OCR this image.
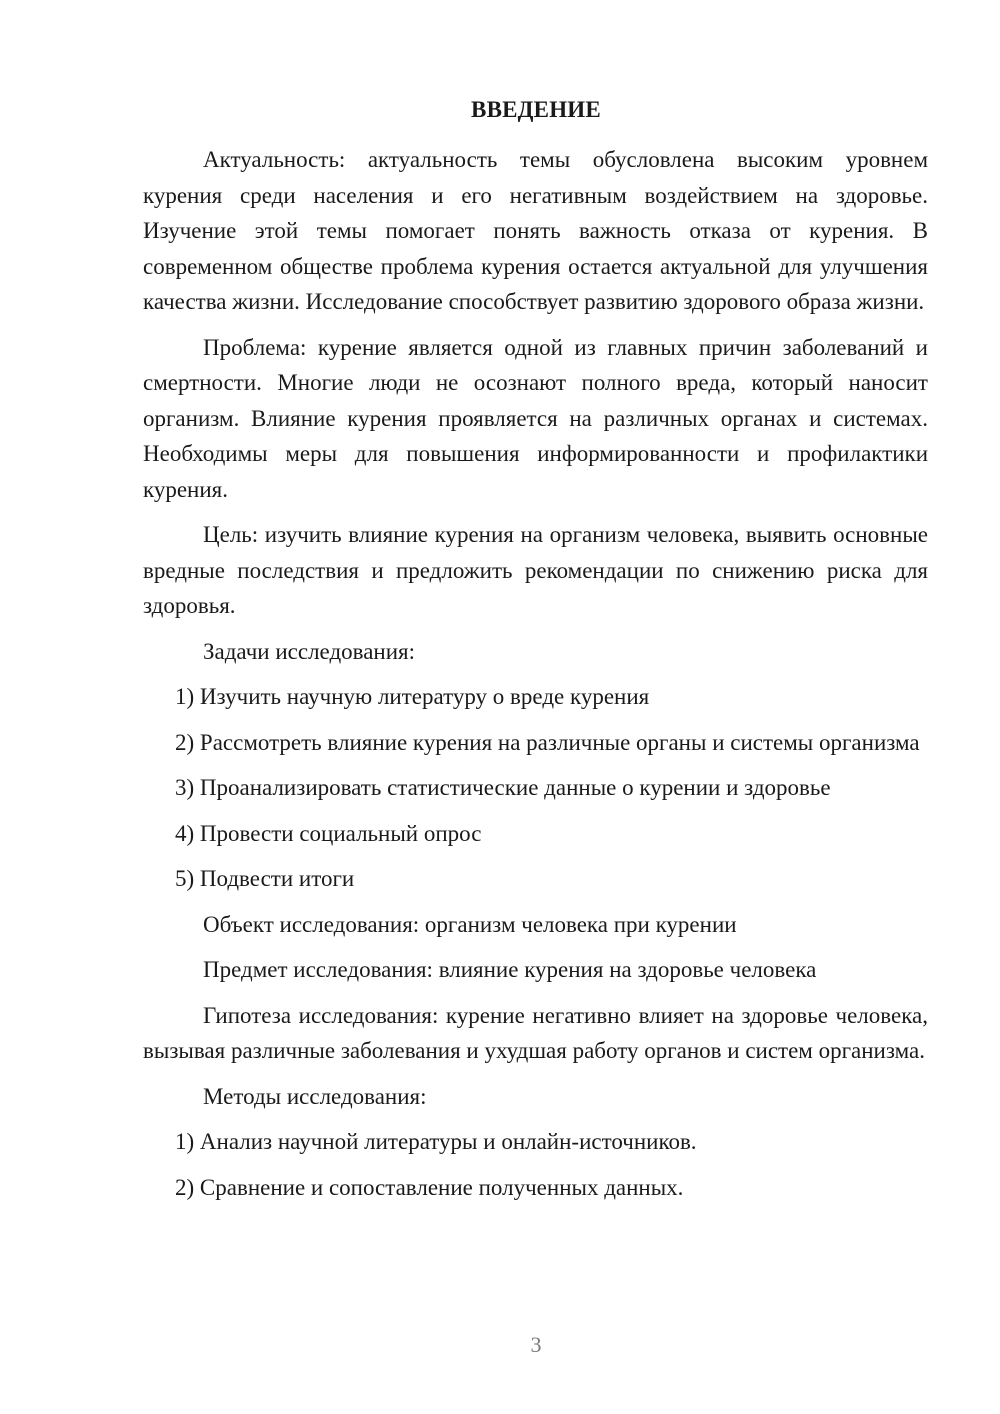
ВВЕДЕНИЕ

Актуальность: актуальность темы обусловлена высоким уровнем курения среди населения и его негативным воздействием на здоровье. Изучение этой темы помогает понять важность отказа от курения. В современном обществе проблема курения остается актуальной для улучшения качества жизни. Исследование способствует развитию здорового образа жизни.

Проблема: курение является одной из главных причин заболеваний и смертности. Многие люди не осознают полного вреда, который наносит организм. Влияние курения проявляется на различных органах и системах. Необходимы меры для повышения информированности и профилактики курения.

Цель: изучить влияние курения на организм человека, выявить основные вредные последствия и предложить рекомендации по снижению риска для здоровья.

Задачи исследования:

1) Изучить научную литературу о вреде курения

2) Рассмотреть влияние курения на различные органы и системы организма

3) Проанализировать статистические данные о курении и здоровье

4) Провести социальный опрос

5) Подвести итоги

Объект исследования: организм человека при курении

Предмет исследования: влияние курения на здоровье человека

Гипотеза исследования: курение негативно влияет на здоровье человека, вызывая различные заболевания и ухудшая работу органов и систем организма.

Методы исследования:

1) Анализ научной литературы и онлайн-источников.

2) Сравнение и сопоставление полученных данных.

3
